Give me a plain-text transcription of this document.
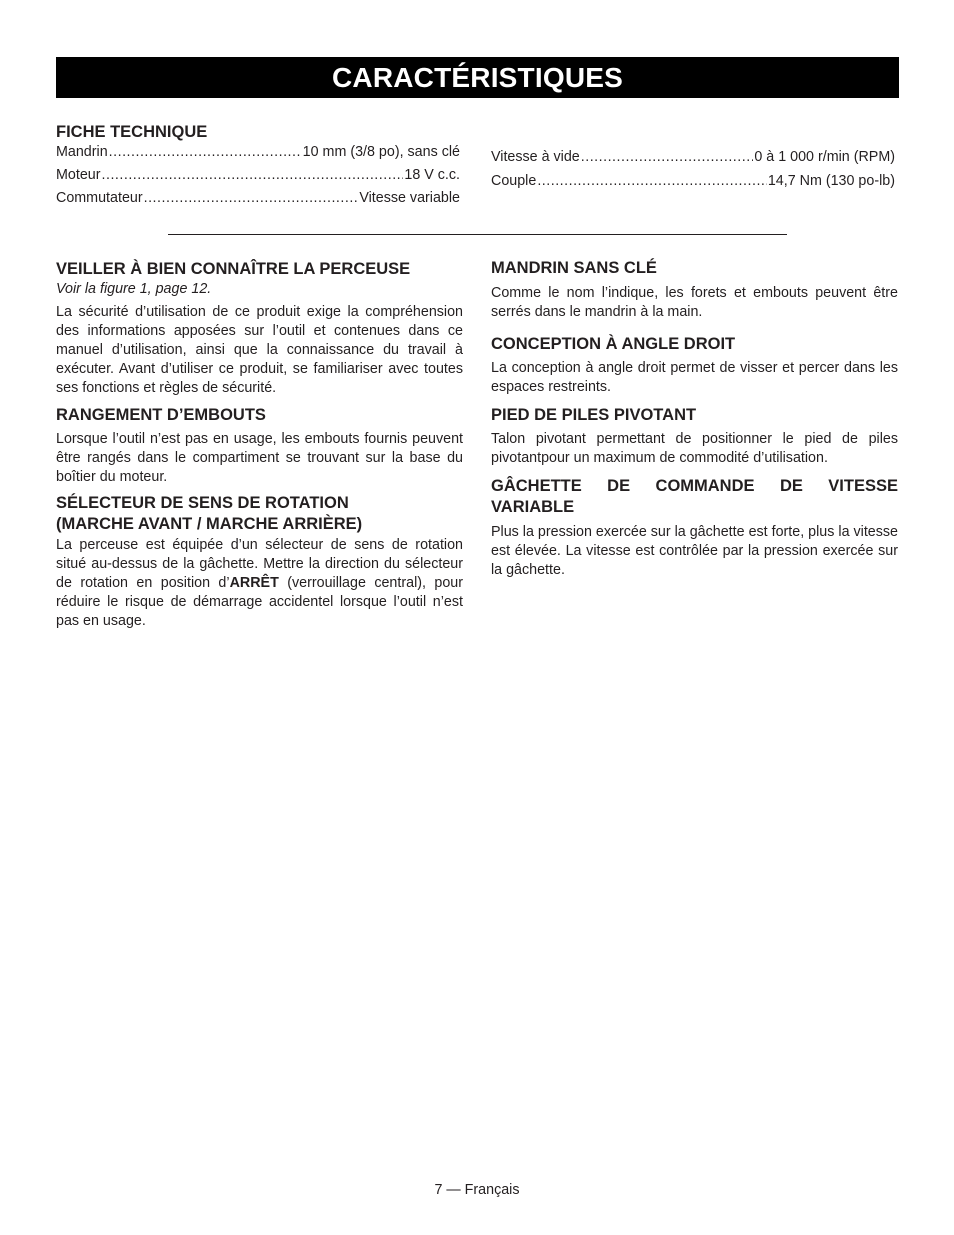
CARACTÉRISTIQUES
FICHE TECHNIQUE
Mandrin .....	10 mm (3/8 po), sans clé
Moteur .....	18 V c.c.
Commutateur .....	Vitesse variable
Vitesse à vide .....	0 à 1 000 r/min (RPM)
Couple .....	14,7 Nm (130 po-lb)
VEILLER À BIEN CONNAÎTRE LA PERCEUSE
Voir la figure 1, page 12.
La sécurité d’utilisation de ce produit exige la compréhension des informations apposées sur l’outil et contenues dans ce manuel d’utilisation, ainsi que la connaissance du travail à exécuter. Avant d’utiliser ce produit, se familiariser avec toutes ses fonctions et règles de sécurité.
RANGEMENT D’EMBOUTS
Lorsque l’outil n’est pas en usage, les embouts fournis peuvent être rangés dans le compartiment se trouvant sur la base du boîtier du moteur.
SÉLECTEUR DE SENS DE ROTATION
(MARCHE AVANT / MARCHE ARRIÈRE)
La perceuse est équipée d’un sélecteur de sens de rotation situé au-dessus de la gâchette. Mettre la direction du sélecteur de rotation en position d’ARRÊT (verrouillage central), pour réduire le risque de démarrage accidentel lorsque l’outil n’est pas en usage.
MANDRIN SANS CLÉ
Comme le nom l’indique, les forets et embouts peuvent être serrés dans le mandrin à la main.
CONCEPTION À ANGLE DROIT
La conception à angle droit permet de visser et percer dans les espaces restreints.
PIED DE PILES PIVOTANT
Talon pivotant permettant de positionner le pied de piles pivotantpour un maximum de commodité d’utilisation.
GÂCHETTE DE COMMANDE DE VITESSE
VARIABLE
Plus la pression exercée sur la gâchette est forte, plus la vitesse est élevée. La vitesse est contrôlée par la pression exercée sur la gâchette.
7 — Français
